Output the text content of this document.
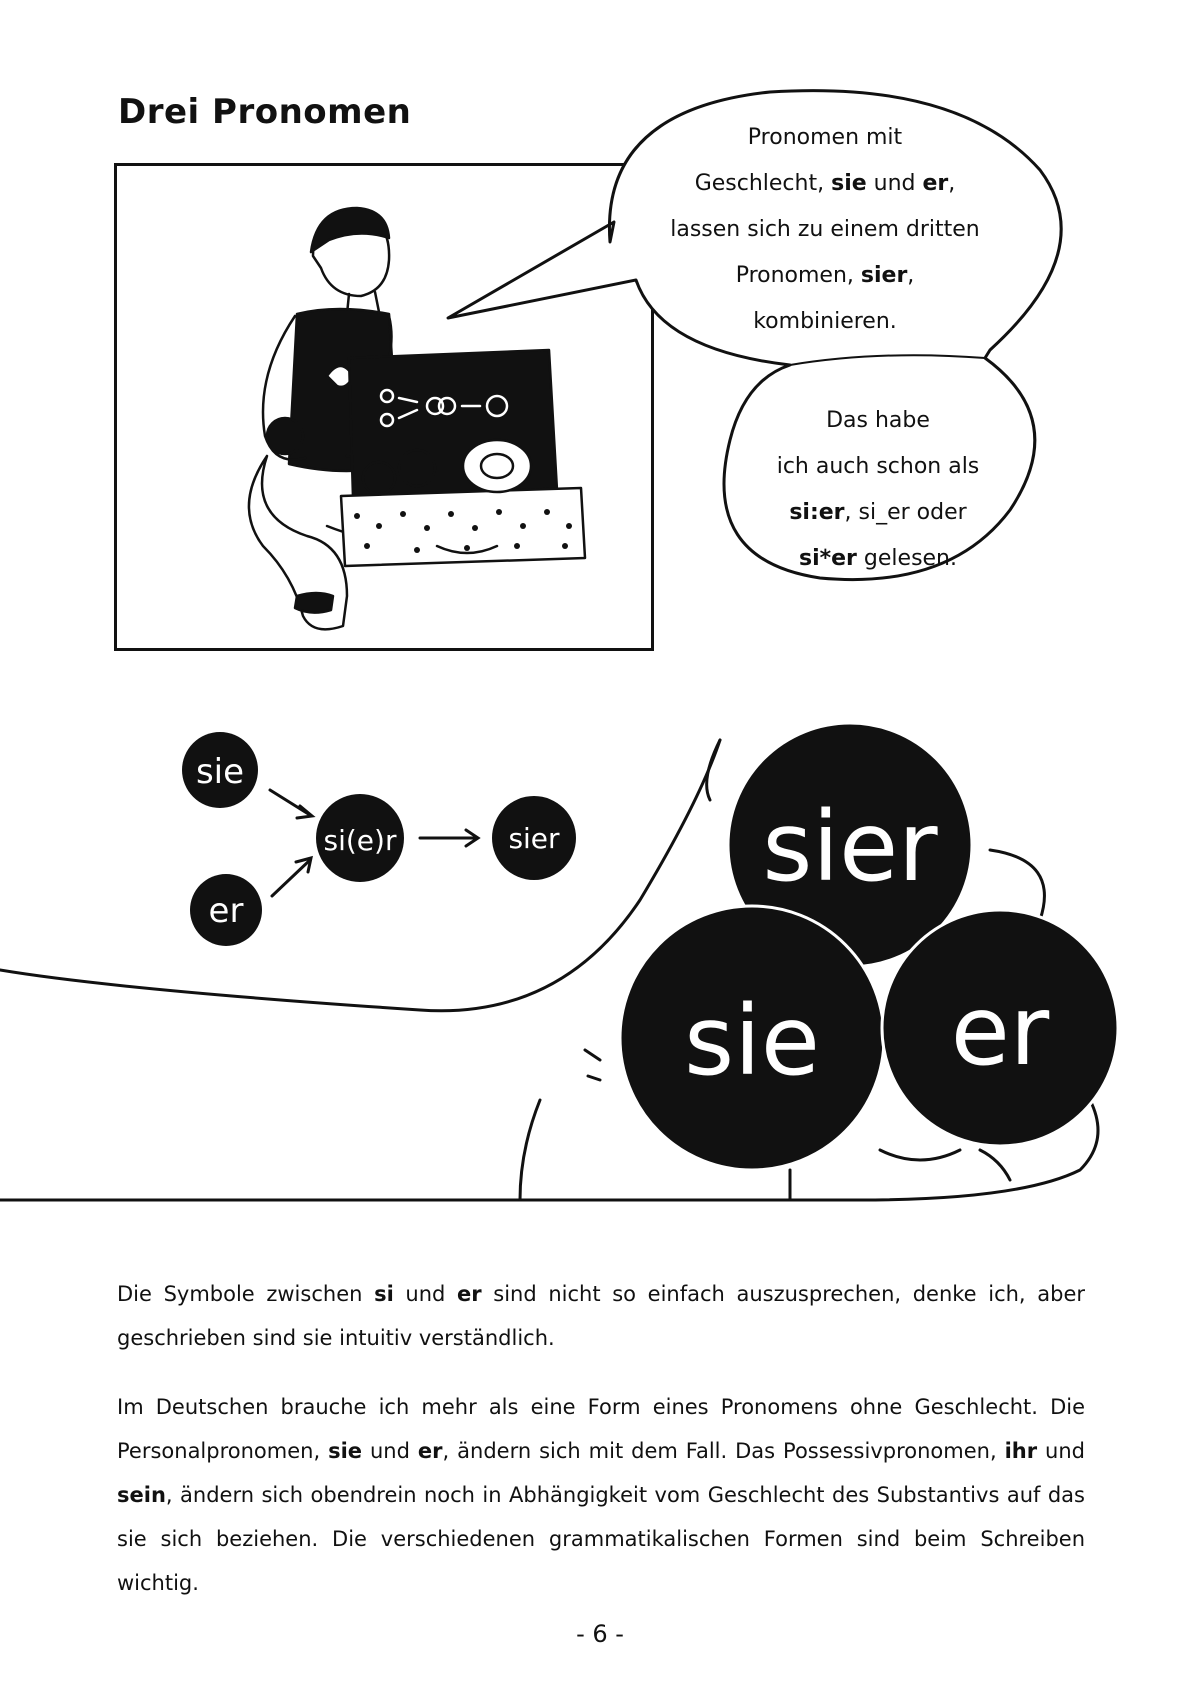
Drei Pronomen
Pronomen mit
Geschlecht, sie und er,
lassen sich zu einem dritten
Pronomen, sier,
kombinieren.
Das habe
ich auch schon als
si:er, si_er oder
si*er gelesen.
sie
er
si(e)r	sier sier
sie er
Die Symbole zwischen si und er sind nicht so einfach auszusprechen, denke ich, aber geschrieben sind sie intuitiv verständlich.
Im Deutschen brauche ich mehr als eine Form eines Pronomens ohne Geschlecht. Die Personalpronomen, sie und er, ändern sich mit dem Fall. Das Possessivpronomen, ihr und sein, ändern sich obendrein noch in Abhängigkeit vom Geschlecht des Substantivs auf das sie sich beziehen. Die verschiedenen grammatikalischen Formen sind beim Schreiben wichtig.
- 6 -
